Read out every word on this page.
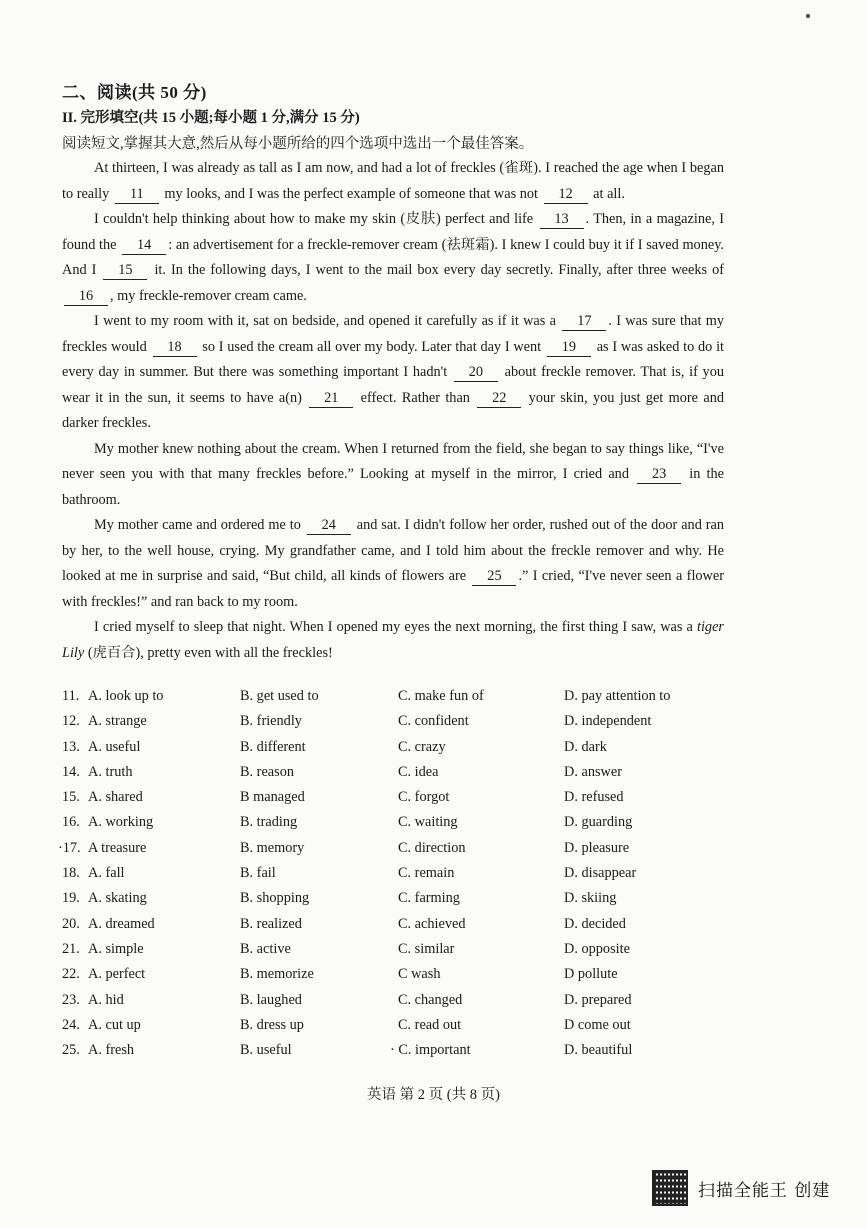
二、阅读(共 50 分)
II. 完形填空(共 15 小题;每小题 1 分,满分 15 分)
阅读短文,掌握其大意,然后从每小题所给的四个选项中选出一个最佳答案。

At thirteen, I was already as tall as I am now, and had a lot of freckles (雀斑). I reached the age when I began to really 11 my looks, and I was the perfect example of someone that was not 12 at all.

I couldn't help thinking about how to make my skin (皮肤) perfect and life 13 . Then, in a magazine, I found the 14 : an advertisement for a freckle-remover cream (祛斑霜). I knew I could buy it if I saved money. And I 15 it. In the following days, I went to the mail box every day secretly. Finally, after three weeks of 16 , my freckle-remover cream came.

I went to my room with it, sat on bedside, and opened it carefully as if it was a 17 . I was sure that my freckles would 18 so I used the cream all over my body. Later that day I went 19 as I was asked to do it every day in summer. But there was something important I hadn't 20 about freckle remover. That is, if you wear it in the sun, it seems to have a(n) 21 effect. Rather than 22 your skin, you just get more and darker freckles.

My mother knew nothing about the cream. When I returned from the field, she began to say things like, “I've never seen you with that many freckles before.” Looking at myself in the mirror, I cried and 23 in the bathroom.

My mother came and ordered me to 24 and sat. I didn't follow her order, rushed out of the door and ran by her, to the well house, crying. My grandfather came, and I told him about the freckle remover and why. He looked at me in surprise and said, “But child, all kinds of flowers are 25 .” I cried, “I've never seen a flower with freckles!” and ran back to my room.

I cried myself to sleep that night. When I opened my eyes the next morning, the first thing I saw, was a tiger Lily (虎百合), pretty even with all the freckles!

11. A. look up to	B. get used to	C. make fun of	D. pay attention to
12. A. strange	B. friendly	C. confident	D. independent
13. A. useful	B. different	C. crazy	D. dark
14. A. truth	B. reason	C. idea	D. answer
15. A. shared	B managed	C. forgot	D. refused
16. A. working	B. trading	C. waiting	D. guarding
·17. A treasure	B. memory	C. direction	D. pleasure
18. A. fall	B. fail	C. remain	D. disappear
19. A. skating	B. shopping	C. farming	D. skiing
20. A. dreamed	B. realized	C. achieved	D. decided
21. A. simple	B. active	C. similar	D. opposite
22. A. perfect	B. memorize	C wash	D pollute
23. A. hid	B. laughed	C. changed	D. prepared
24. A. cut up	B. dress up	C. read out	D come out
25. A. fresh	B. useful	· C. important	D. beautiful
英语 第 2 页 (共 8 页)
扫描全能王 创建
